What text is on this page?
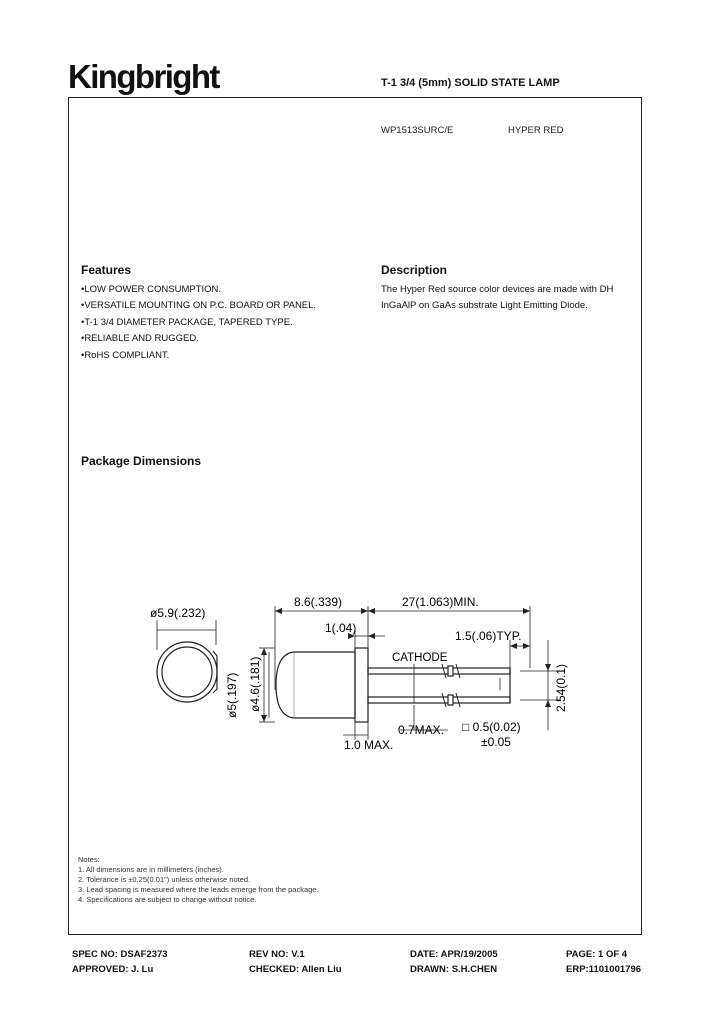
Kingbright	T-1 3/4 (5mm) SOLID STATE LAMP
WP1513SURC/E	HYPER RED
Features
•LOW POWER CONSUMPTION.
•VERSATILE MOUNTING ON P.C. BOARD OR PANEL.
•T-1 3/4 DIAMETER PACKAGE, TAPERED TYPE.
•RELIABLE AND RUGGED.
•RoHS COMPLIANT.
Description
The Hyper Red source color devices are made with DH
InGaAlP on GaAs substrate Light Emitting Diode.
Package Dimensions
ø5.9(.232)
8.6(.339)	27(1.063)MIN.
1(.04)
1.5(.06)TYP.
CATHODE
ø5(.197) ø4.6(.181)	2.54(0.1)
0.7MAX. □ 0.5(0.02)
±0.05
1.0 MAX.
Notes:
1. All dimensions are in millimeters (inches).
2. Tolerance is ±0.25(0.01") unless otherwise noted.
3. Lead spacing is measured where the leads emerge from the package.
4. Specifications are subject to change without notice.
SPEC NO: DSAF2373	REV NO: V.1	DATE: APR/19/2005	PAGE: 1 OF 4
APPROVED: J. Lu	CHECKED: Allen Liu	DRAWN: S.H.CHEN	ERP:1101001796
